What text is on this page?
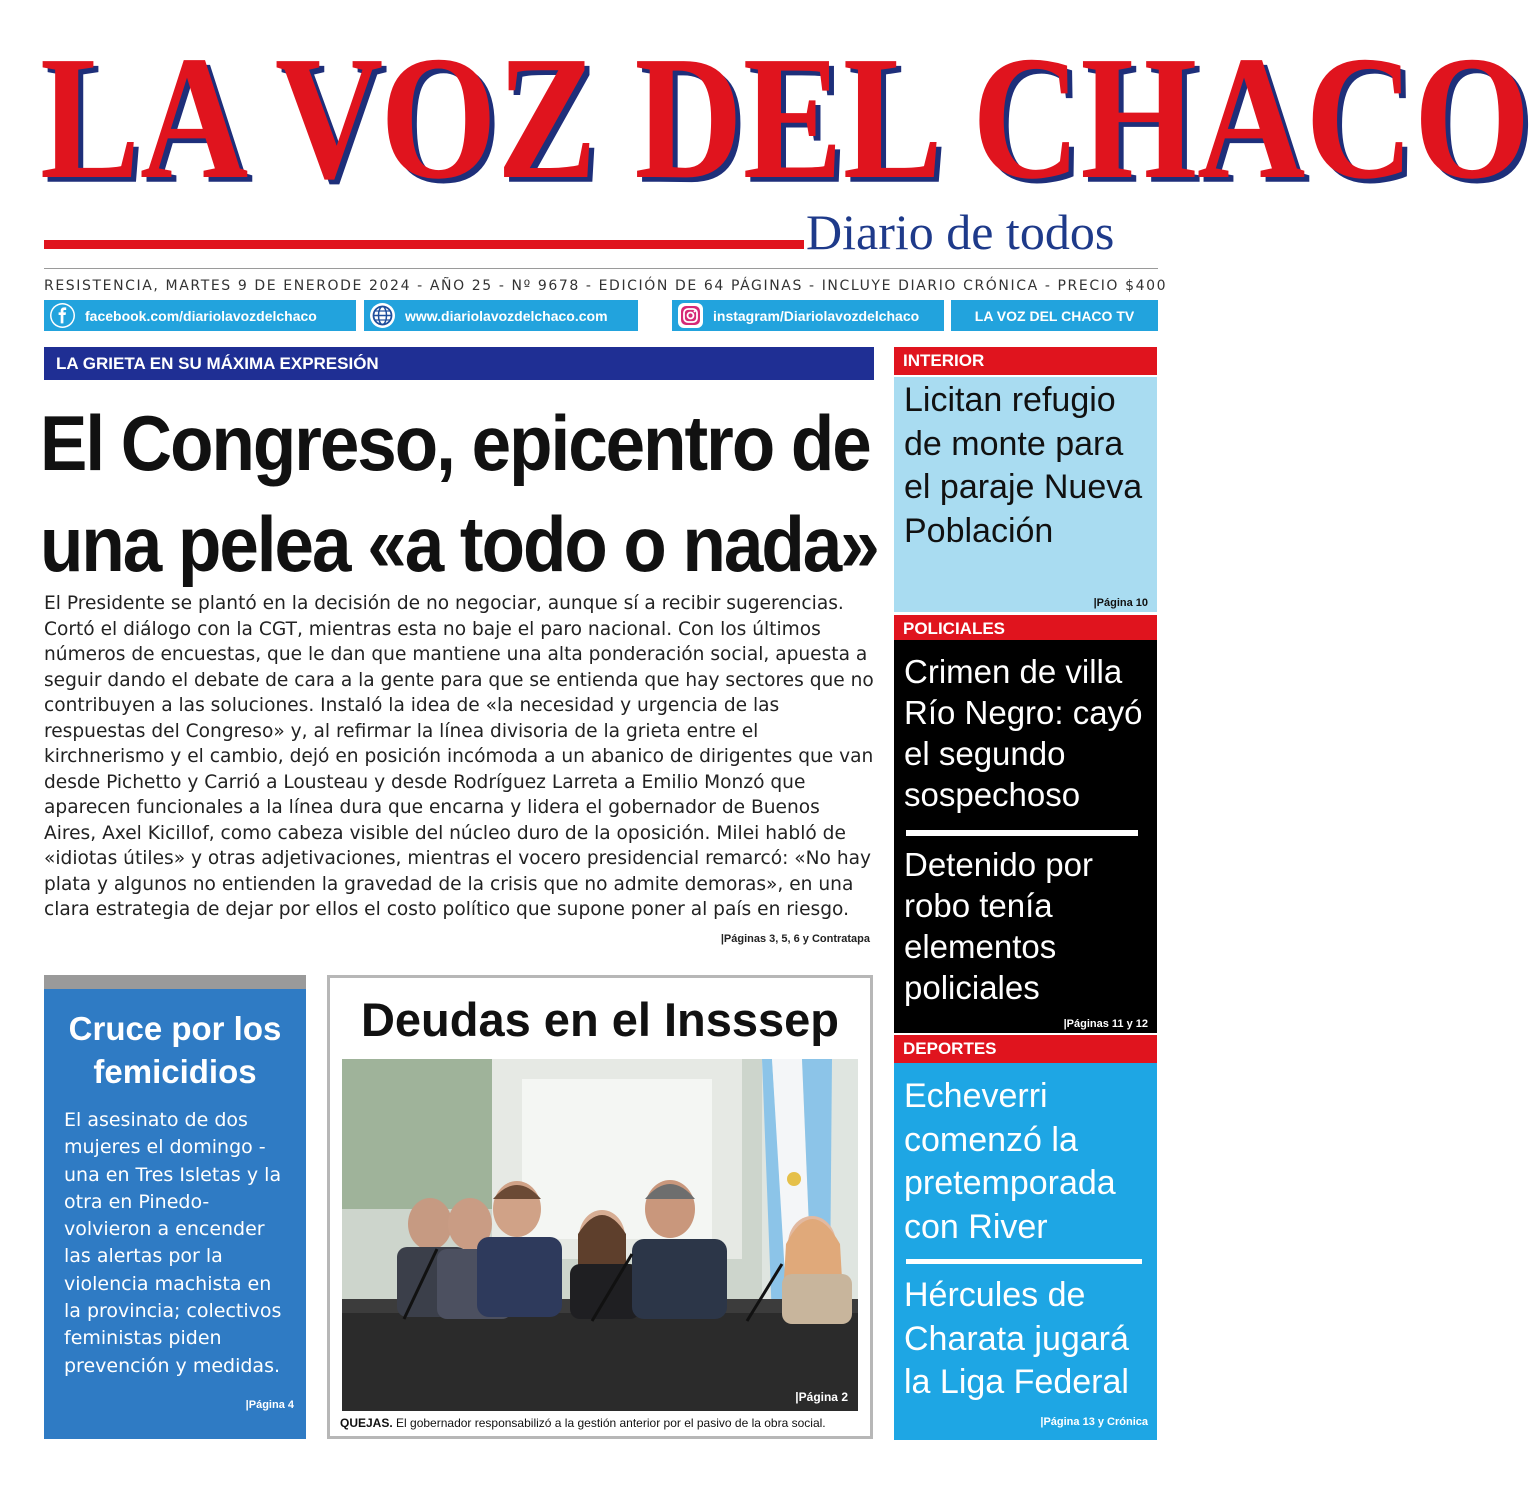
LA VOZ DEL CHACO
Diario de todos
RESISTENCIA, MARTES 9 DE ENERODE 2024 - AÑO 25 - Nº 9678 - EDICIÓN DE 64 PÁGINAS - INCLUYE DIARIO CRÓNICA - PRECIO $400
facebook.com/diariolavozdelchaco	www.diariolavozdelchaco.com	instagram/Diariolavozdelchaco	LA VOZ DEL CHACO TV
LA GRIETA EN SU MÁXIMA EXPRESIÓN
El Congreso, epicentro de una pelea «a todo o nada»
El Presidente se plantó en la decisión de no negociar, aunque sí a recibir sugerencias. Cortó el diálogo con la CGT, mientras esta no baje el paro nacional. Con los últimos números de encuestas, que le dan que mantiene una alta ponderación social, apuesta a seguir dando el debate de cara a la gente para que se entienda que hay sectores que no contribuyen a las soluciones. Instaló la idea de «la necesidad y urgencia de las respuestas del Congreso» y, al refirmar la línea divisoria de la grieta entre el kirchnerismo y el cambio, dejó en posición incómoda a un abanico de dirigentes que van desde Pichetto y Carrió a Lousteau y desde Rodríguez Larreta a Emilio Monzó que aparecen funcionales a la línea dura que encarna y lidera el gobernador de Buenos Aires, Axel Kicillof, como cabeza visible del núcleo duro de la oposición. Milei habló de «idiotas útiles» y otras adjetivaciones, mientras el vocero presidencial remarcó: «No hay plata y algunos no entienden la gravedad de la crisis que no admite demoras», en una clara estrategia de dejar por ellos el costo político que supone poner al país en riesgo.
|Páginas 3, 5, 6 y Contratapa
Cruce por los femicidios
El asesinato de dos mujeres el domingo - una en Tres Isletas y la otra en Pinedo- volvieron a encender las alertas por la violencia machista en la provincia; colectivos feministas piden prevención y medidas.
|Página 4
Deudas en el Insssep
|Página 2
QUEJAS. El gobernador responsabilizó a la gestión anterior por el pasivo de la obra social.
INTERIOR
Licitan refugio de monte para el paraje Nueva Población
|Página 10
POLICIALES
Crimen de villa Río Negro: cayó el segundo sospechoso
Detenido por robo tenía elementos policiales
|Páginas 11 y 12
DEPORTES
Echeverri comenzó la pretemporada con River
Hércules de Charata jugará la Liga Federal
|Página 13 y Crónica
